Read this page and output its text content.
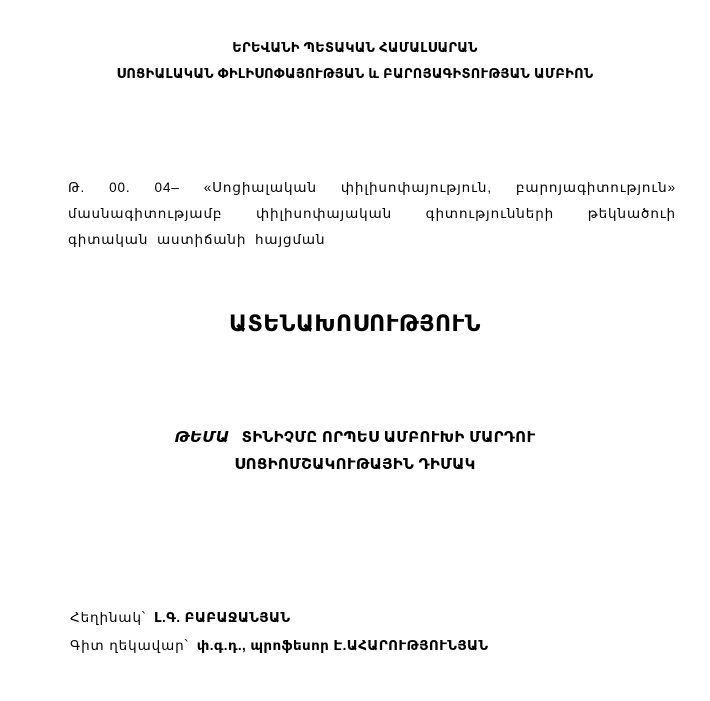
ԵՐԵՎԱՆԻ ՊԵՏԱԿԱՆ ՀԱՄԱԼՍԱՐԱՆ
ՍՈՑԻԱԼԱԿԱՆ ՓԻԼԻՍՈՓԱՅՈՒԹՅԱՆ և ԲԱՐՈՅԱԳԻՏՈՒԹՅԱՆ ԱՄԲԻՈՆ
Թ. 00. 04– «Սոցիալական փիլիսոփայություն, բարոյագիտություն» մասնագիտությամբ փիլիսոփայական գիտությունների թեկնածուի գիտական աստիճանի հայցման
ԱՏԵՆԱԽՈՍՈՒԹՅՈՒՆ
ԹԵՄԱ ՏԻՆԻՉՄԸ ՈՐՊԵՍ ԱՄԲՈՒԽԻ ՄԱՐԴՈՒ
ՍՈՑԻՈՄՇԱԿՈՒԹԱՅԻՆ ԴԻՄԱԿ
Հեղինակ՝ Լ.Գ. ԲԱԲԱՋԱՆՅԱՆ
Գիտ ղեկավար՝ փ.գ.դ., պրոֆեսոր Է.ԱՀԱՐՈՒԹՅՈՒՆՅԱՆ
